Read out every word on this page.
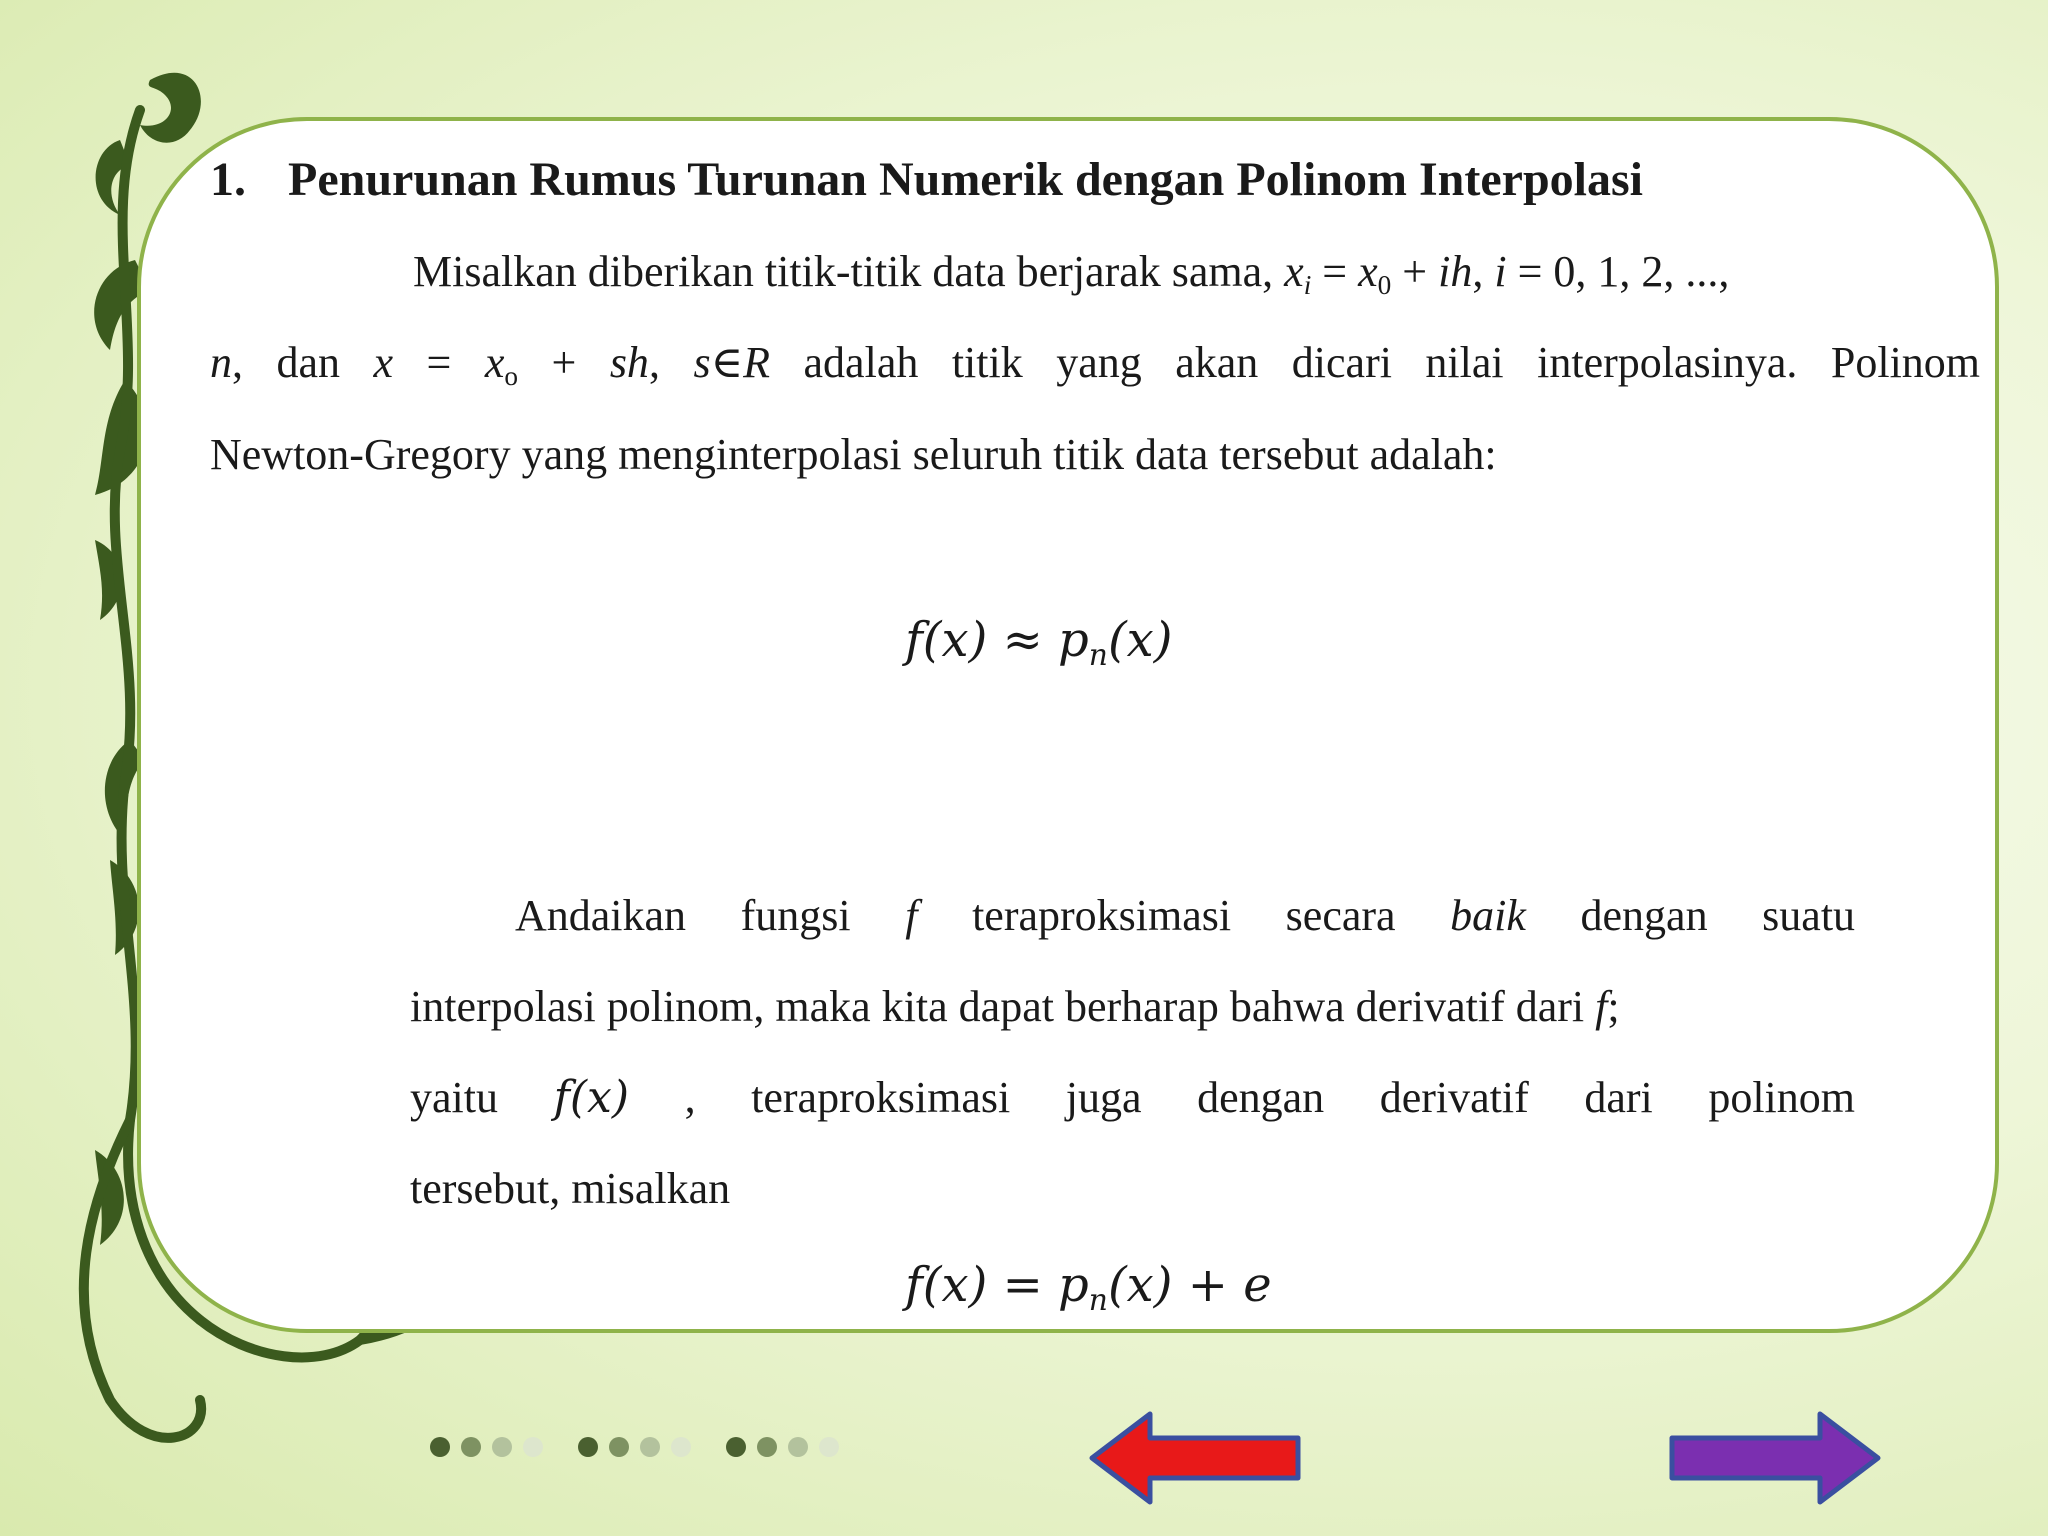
1. Penurunan Rumus Turunan Numerik dengan Polinom Interpolasi
Misalkan diberikan titik-titik data berjarak sama, $x_i = x_0$ + ih, i = 0, 1, 2, ...,
n, dan $x = x_o$ + sh, s∈R adalah titik yang akan dicari nilai interpolasinya. Polinom
Newton-Gregory yang menginterpolasi seluruh titik data tersebut adalah:
$f(x) \approx p_n(x)$
Andaikan fungsi f teraproksimasi secara baik dengan suatu
interpolasi polinom, maka kita dapat berharap bahwa derivatif dari f;
yaitu f(x) , teraproksimasi juga dengan derivatif dari polinom
tersebut, misalkan
$f(x) = p_n(x) + e$
